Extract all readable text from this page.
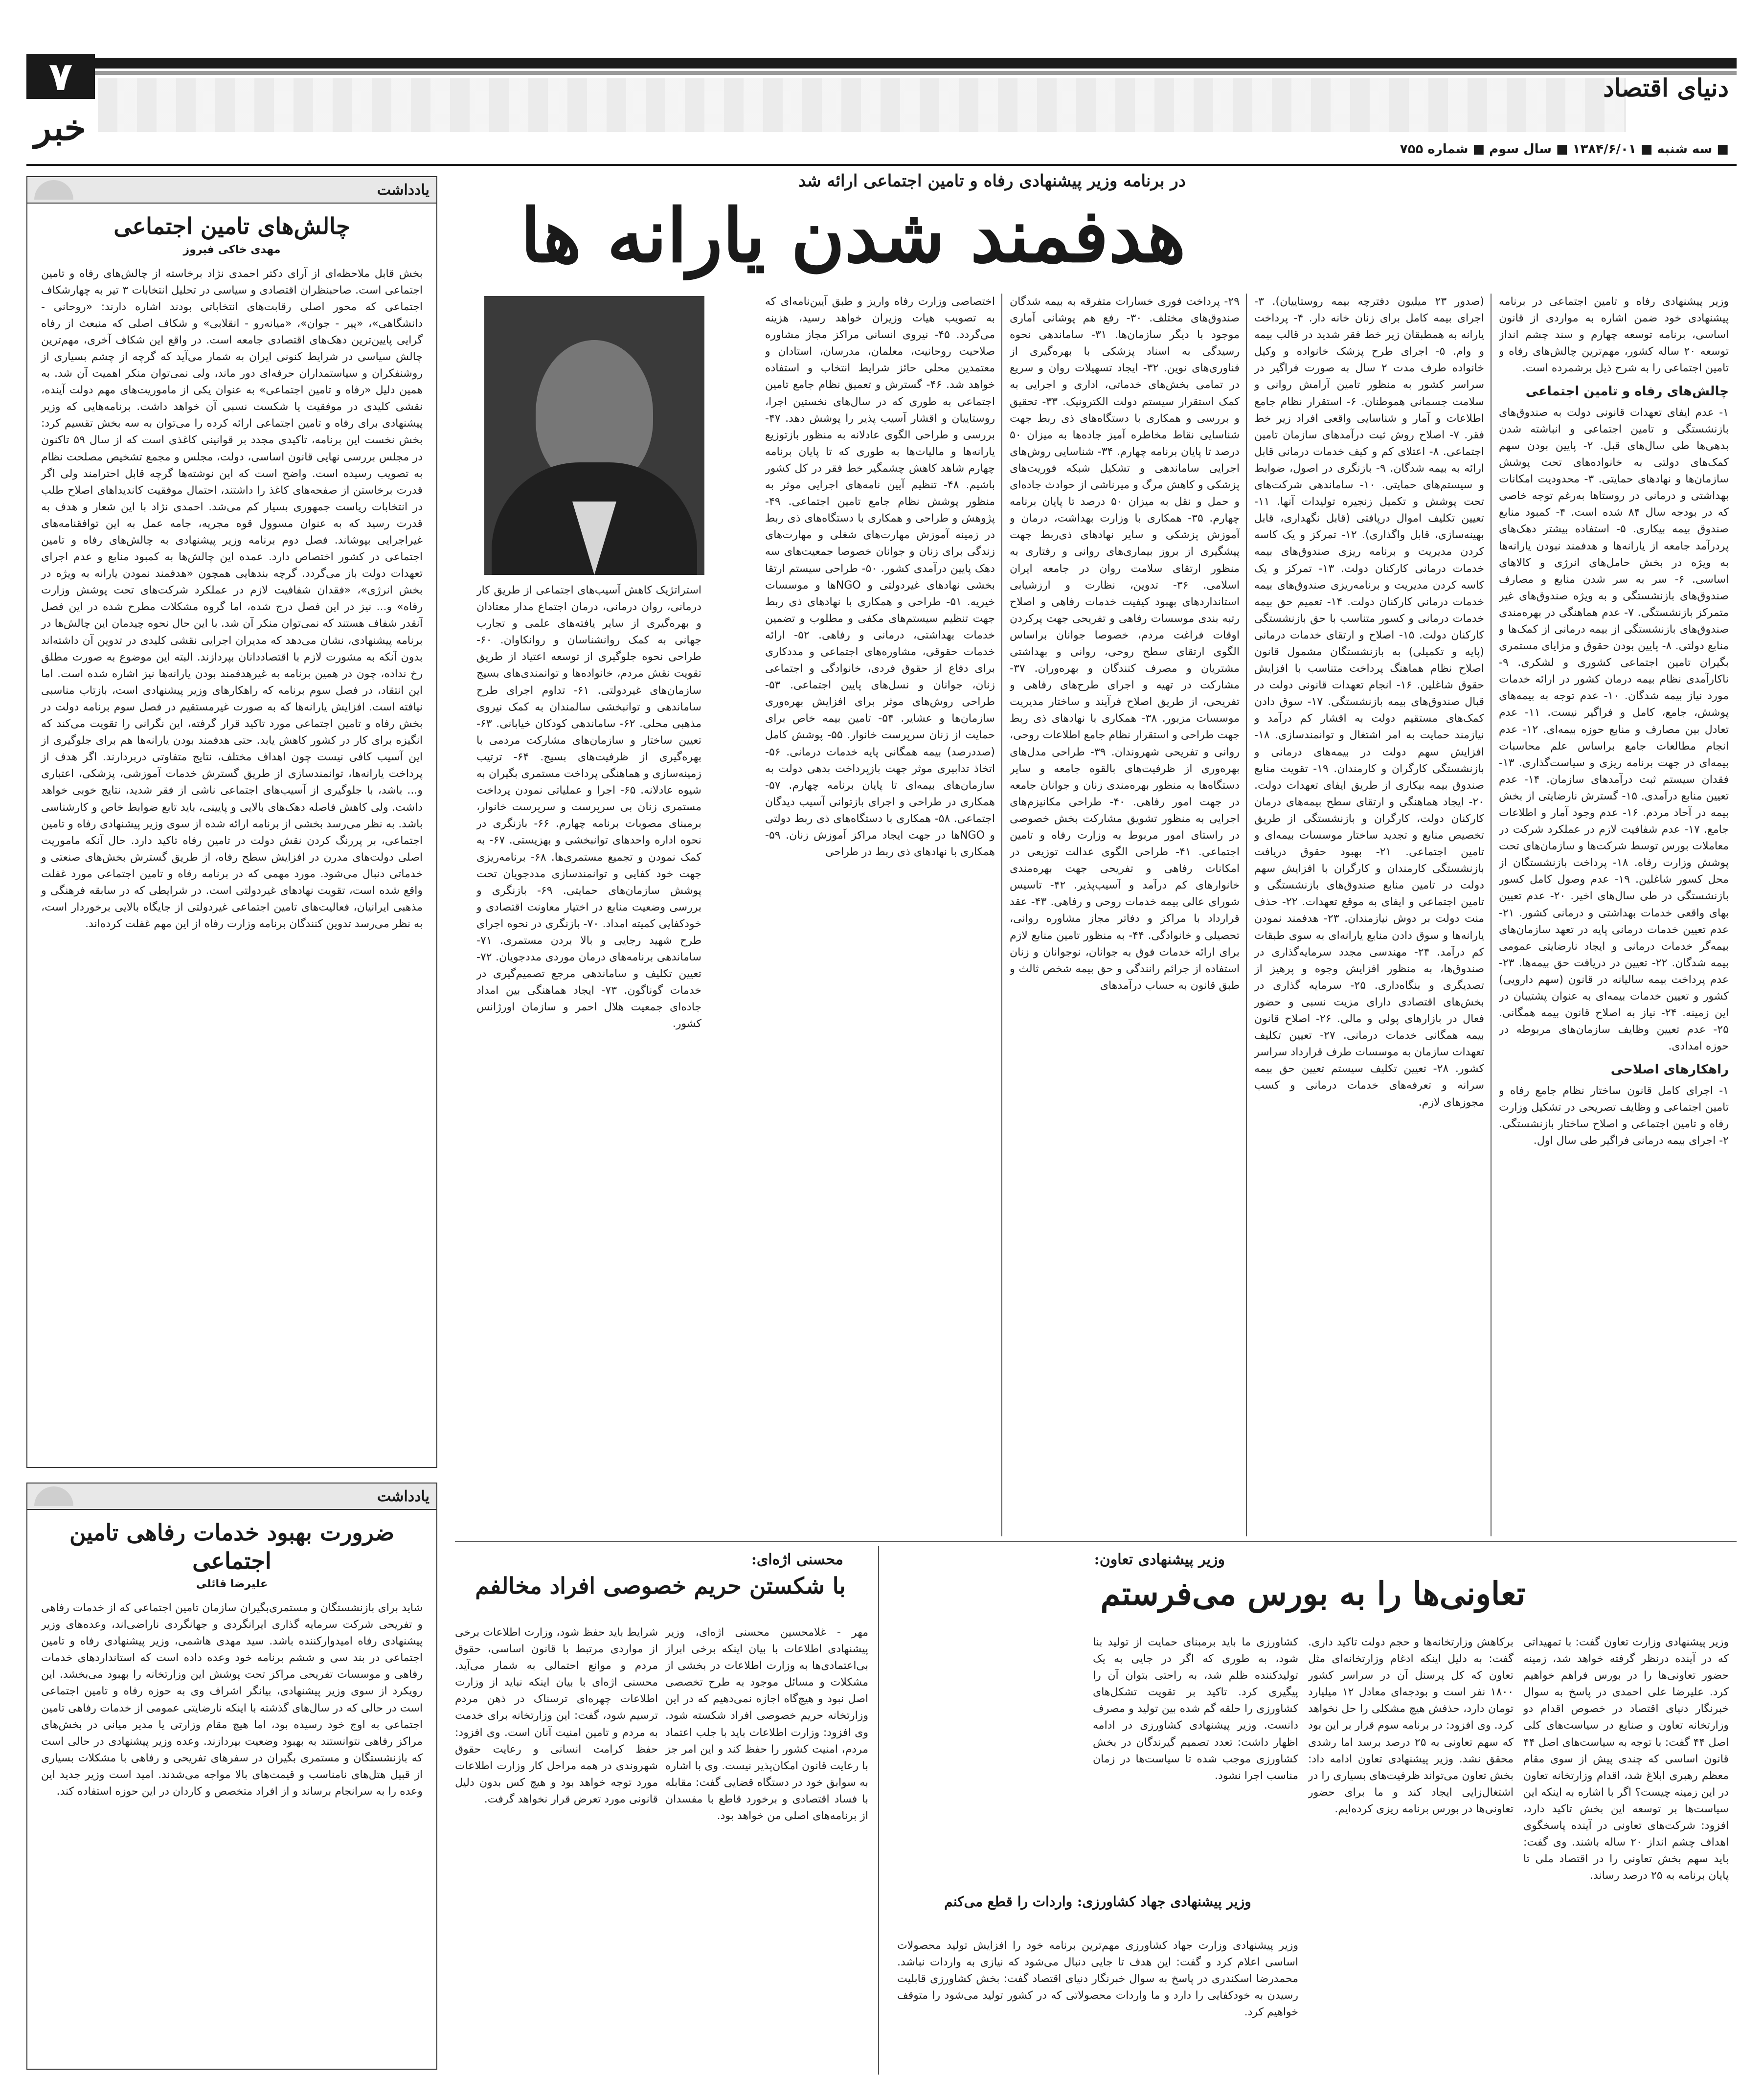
۷	دنیای اقتصاد
خبر
■ سه شنبه ■ ۱۳۸۴/۶/۰۱ ■ سال سوم ■ شماره ۷۵۵
در برنامه وزیر پیشنهادی رفاه و تامین اجتماعی ارائه شد
هدفمند شدن یارانه ها

وزیر پیشنهادی رفاه و تامین اجتماعی در برنامه پیشنهادی خود ضمن اشاره به مواردی از قانون اساسی، برنامه توسعه چهارم و سند چشم انداز توسعه ۲۰ ساله کشور، مهم‌ترین چالش‌های رفاه و تامین اجتماعی را به شرح ذیل برشمرده است.

چالش‌های رفاه و تامین اجتماعی

۱- عدم ایفای تعهدات قانونی دولت به صندوق‌های بازنشستگی و تامین اجتماعی و انباشته شدن بدهی‌ها طی سال‌های قبل. ۲- پایین بودن سهم کمک‌های دولتی به خانواده‌های تحت پوشش سازمان‌ها و نهادهای حمایتی. ۳- محدودیت امکانات بهداشتی و درمانی در روستاها به‌رغم توجه خاصی که در بودجه سال ۸۴ شده است. ۴- کمبود منابع صندوق بیمه بیکاری. ۵- استفاده بیشتر دهک‌های پردرآمد جامعه از یارانه‌ها و هدفمند نبودن یارانه‌ها به ویژه در بخش حامل‌های انرژی و کالاهای اساسی. ۶- سر به سر شدن منابع و مصارف صندوق‌های بازنشستگی و به ویژه صندوق‌های غیر متمرکز بازنشستگی. ۷- عدم هماهنگی در بهره‌مندی صندوق‌های بازنشستگی از بیمه درمانی از کمک‌ها و منابع دولتی. ۸- پایین بودن حقوق و مزایای مستمری بگیران تامین اجتماعی کشوری و لشکری. ۹- ناکارآمدی نظام بیمه درمان کشور در ارائه خدمات مورد نیاز بیمه شدگان. ۱۰- عدم توجه به بیمه‌های پوشش، جامع، کامل و فراگیر نیست. ۱۱- عدم تعادل بین مصارف و منابع حوزه بیمه‌ای. ۱۲- عدم انجام مطالعات جامع براساس علم محاسبات بیمه‌ای در جهت برنامه ریزی و سیاست‌گذاری. ۱۳- فقدان سیستم ثبت درآمدهای سازمان. ۱۴- عدم تعیین منابع درآمدی. ۱۵- گسترش نارضایتی از بخش بیمه در آحاد مردم. ۱۶- عدم وجود آمار و اطلاعات جامع. ۱۷- عدم شفافیت لازم در عملکرد شرکت در معاملات بورس توسط شرکت‌ها و سازمان‌های تحت پوشش وزارت رفاه. ۱۸- پرداخت بازنشستگان از محل کسور شاغلین. ۱۹- عدم وصول کامل کسور بازنشستگی در طی سال‌های اخیر. ۲۰- عدم تعیین بهای واقعی خدمات بهداشتی و درمانی کشور. ۲۱- عدم تعیین خدمات درمانی پایه در تعهد سازمان‌های بیمه‌گر خدمات درمانی و ایجاد نارضایتی عمومی بیمه شدگان. ۲۲- تعیین در دریافت حق بیمه‌ها. ۲۳- عدم پرداخت بیمه سالیانه در قانون (سهم دارویی) کشور و تعیین خدمات بیمه‌ای به عنوان پشتیبان در این زمینه. ۲۴- نیاز به اصلاح قانون بیمه همگانی. ۲۵- عدم تعیین وظایف سازمان‌های مربوطه در حوزه امدادی.

راهکارهای اصلاحی

۱- اجرای کامل قانون ساختار نظام جامع رفاه و تامین اجتماعی و وظایف تصریحی در تشکیل وزارت رفاه و تامین اجتماعی و اصلاح ساختار بازنشستگی. ۲- اجرای بیمه درمانی فراگیر طی سال اول.

(صدور ۲۳ میلیون دفترچه بیمه روستاییان). ۳- اجرای بیمه کامل برای زنان خانه دار. ۴- پرداخت یارانه به همطبقان زیر خط فقر شدید در قالب بیمه و وام. ۵- اجرای طرح پزشک خانواده و وکیل خانواده طرف مدت ۲ سال به صورت فراگیر در سراسر کشور به منظور تامین آرامش روانی و سلامت جسمانی هموطنان. ۶- استقرار نظام جامع اطلاعات و آمار و شناسایی واقعی افراد زیر خط فقر. ۷- اصلاح روش ثبت درآمدهای سازمان تامین اجتماعی. ۸- اعتلای کم و کیف خدمات درمانی قابل ارائه به بیمه شدگان. ۹- بازنگری در اصول، ضوابط و سیستم‌های حمایتی. ۱۰- ساماندهی شرکت‌های تحت پوشش و تکمیل زنجیره تولیدات آنها. ۱۱- تعیین تکلیف اموال درپافتی (قابل نگهداری، قابل بهینه‌سازی، قابل واگذاری). ۱۲- تمرکز و یک کاسه کردن مدیریت و برنامه ریزی صندوق‌های بیمه خدمات درمانی کارکنان دولت. ۱۳- تمرکز و یک کاسه کردن مدیریت و برنامه‌ریزی صندوق‌های بیمه خدمات درمانی کارکنان دولت. ۱۴- تعمیم حق بیمه خدمات درمانی و کسور متناسب با حق بازنشستگی کارکنان دولت. ۱۵- اصلاح و ارتقای خدمات درمانی (پایه و تکمیلی) به بازنشستگان مشمول قانون اصلاح نظام هماهنگ پرداخت متناسب با افزایش حقوق شاغلین. ۱۶- انجام تعهدات قانونی دولت در قبال صندوق‌های بیمه بازنشستگی. ۱۷- سوق دادن کمک‌های مستقیم دولت به اقشار کم درآمد و نیازمند حمایت به امر اشتغال و توانمندسازی. ۱۸- افزایش سهم دولت در بیمه‌های درمانی و بازنشستگی کارگران و کارمندان. ۱۹- تقویت منابع صندوق بیمه بیکاری از طریق ایفای تعهدات دولت. ۲۰- ایجاد هماهنگی و ارتقای سطح بیمه‌های درمان کارکنان دولت، کارگران و بازنشستگی از طریق تخصیص منابع و تجدید ساختار موسسات بیمه‌ای و تامین اجتماعی. ۲۱- بهبود حقوق دریافت بازنشستگی کارمندان و کارگران با افزایش سهم دولت در تامین منابع صندوق‌های بازنشستگی و تامین اجتماعی و ایفای به موقع تعهدات. ۲۲- حذف منت دولت بر دوش نیازمندان. ۲۳- هدفمند نمودن یارانه‌ها و سوق دادن منابع یارانه‌ای به سوی طبقات کم درآمد. ۲۴- مهندسی مجدد سرمایه‌گذاری در صندوق‌ها، به منظور افزایش وجوه و پرهیز از تصدیگری و بنگاه‌داری. ۲۵- سرمایه گذاری در بخش‌های اقتصادی دارای مزیت نسبی و حضور فعال در بازارهای پولی و مالی. ۲۶- اصلاح قانون بیمه همگانی خدمات درمانی. ۲۷- تعیین تکلیف تعهدات سازمان به موسسات طرف قرارداد سراسر کشور. ۲۸- تعیین تکلیف سیستم تعیین حق بیمه سرانه و تعرفه‌های خدمات درمانی و کسب مجوزهای لازم.

۲۹- پرداخت فوری خسارات متفرقه به بیمه شدگان صندوق‌های مختلف. ۳۰- رفع هم پوشانی آماری موجود با دیگر سازمان‌ها. ۳۱- ساماندهی نحوه رسیدگی به اسناد پزشکی با بهره‌گیری از فناوری‌های نوین. ۳۲- ایجاد تسهیلات روان و سریع در تمامی بخش‌های خدماتی، اداری و اجرایی به کمک استقرار سیستم دولت الکترونیک. ۳۳- تحقیق و بررسی و همکاری با دستگاه‌های ذی ربط جهت شناسایی نقاط مخاطره آمیز جاده‌ها به میزان ۵۰ درصد تا پایان برنامه چهارم. ۳۴- شناسایی روش‌های اجرایی ساماندهی و تشکیل شبکه فوریت‌های پزشکی و کاهش مرگ و میرناشی از حوادث جاده‌ای و حمل و نقل به میزان ۵۰ درصد تا پایان برنامه چهارم. ۳۵- همکاری با وزارت بهداشت، درمان و آموزش پزشکی و سایر نهادهای ذی‌ربط جهت پیشگیری از بروز بیماری‌های روانی و رفتاری به منظور ارتقای سلامت روان در جامعه ایران اسلامی. ۳۶- تدوین، نظارت و ارزشیابی استانداردهای بهبود کیفیت خدمات رفاهی و اصلاح رتبه بندی موسسات رفاهی و تفریحی جهت پرکردن اوقات فراغت مردم، خصوصا جوانان براساس الگوی ارتقای سطح روحی، روانی و بهداشتی مشتریان و مصرف کنندگان و بهره‌وران. ۳۷- مشارکت در تهیه و اجرای طرح‌های رفاهی و تفریحی، از طریق اصلاح فرآیند و ساختار مدیریت موسسات مزبور. ۳۸- همکاری با نهادهای ذی ربط جهت طراحی و استقرار نظام جامع اطلاعات روحی، روانی و تفریحی شهروندان. ۳۹- طراحی مدل‌های بهره‌وری از ظرفیت‌های بالقوه جامعه و سایر دستگاه‌ها به منظور بهره‌مندی زنان و جوانان جامعه در جهت امور رفاهی. ۴۰- طراحی مکانیزم‌های اجرایی به منظور تشویق مشارکت بخش خصوصی در راستای امور مربوط به وزارت رفاه و تامین اجتماعی. ۴۱- طراحی الگوی عدالت توزیعی در امکانات رفاهی و تفریحی جهت بهره‌مندی خانوارهای کم درآمد و آسیب‌پذیر. ۴۲- تاسیس شورای عالی بیمه خدمات روحی و رفاهی. ۴۳- عقد قرارداد با مراکز و دفاتر مجاز مشاوره روانی، تحصیلی و خانوادگی. ۴۴- به منظور تامین منابع لازم برای ارائه خدمات فوق به جوانان، نوجوانان و زنان استفاده از جرائم رانندگی و حق بیمه شخص ثالث و طبق قانون به حساب درآمدهای

اختصاصی وزارت رفاه واریز و طبق آیین‌نامه‌ای که به تصویب هیات وزیران خواهد رسید، هزینه می‌گردد. ۴۵- نیروی انسانی مراکز مجاز مشاوره صلاحیت روحانیت، معلمان، مدرسان، استادان و معتمدین محلی حائز شرایط انتخاب و استفاده خواهد شد. ۴۶- گسترش و تعمیق نظام جامع تامین اجتماعی به طوری که در سال‌های نخستین اجرا، روستاییان و اقشار آسیب پذیر را پوشش دهد. ۴۷- بررسی و طراحی الگوی عادلانه به منظور بازتوزیع یارانه‌ها و مالیات‌ها به طوری که تا پایان برنامه چهارم شاهد کاهش چشمگیر خط فقر در کل کشور باشیم. ۴۸- تنظیم آیین نامه‌های اجرایی موثر به منظور پوشش نظام جامع تامین اجتماعی. ۴۹- پژوهش و طراحی و همکاری با دستگاه‌های ذی ربط در زمینه آموزش مهارت‌های شغلی و مهارت‌های زندگی برای زنان و جوانان خصوصا جمعیت‌های سه دهک پایین درآمدی کشور. ۵۰- طراحی سیستم ارتقا بخشی نهادهای غیردولتی و NGOها و موسسات خیریه. ۵۱- طراحی و همکاری با نهادهای ذی ربط جهت تنظیم سیستم‌های مکفی و مطلوب و تضمین خدمات بهداشتی، درمانی و رفاهی. ۵۲- ارائه خدمات حقوقی، مشاوره‌های اجتماعی و مددکاری برای دفاع از حقوق فردی، خانوادگی و اجتماعی زنان، جوانان و نسل‌های پایین اجتماعی. ۵۳- طراحی روش‌های موثر برای افزایش بهره‌وری سازمان‌ها و عشایر. ۵۴- تامین بیمه خاص برای حمایت از زنان سرپرست خانوار. ۵۵- پوشش کامل (صددرصد) بیمه همگانی پایه خدمات درمانی. ۵۶- اتخاذ تدابیری موثر جهت بازپرداخت بدهی دولت به سازمان‌های بیمه‌ای تا پایان برنامه چهارم. ۵۷- همکاری در طراحی و اجرای بازتوانی آسیب دیدگان اجتماعی. ۵۸- همکاری با دستگاه‌های ذی ربط دولتی و NGOها در جهت ایجاد مراکز آموزش زنان. ۵۹- همکاری با نهادهای ذی ربط در طراحی

استراتژیک کاهش آسیب‌های اجتماعی از طریق کار درمانی، روان درمانی، درمان اجتماع مدار معتادان و بهره‌گیری از سایر یافته‌های علمی و تجارب جهانی به کمک روانشناسان و روانکاوان. ۶۰- طراحی نحوه جلوگیری از توسعه اعتیاد از طریق تقویت نقش مردم، خانواده‌ها و توانمندی‌های بسیج سازمان‌های غیردولتی. ۶۱- تداوم اجرای طرح ساماندهی و توانبخشی سالمندان به کمک نیروی مذهبی محلی. ۶۲- ساماندهی کودکان خیابانی. ۶۳- تعیین ساختار و سازمان‌های مشارکت مردمی با بهره‌گیری از ظرفیت‌های بسیج. ۶۴- ترتیب زمینه‌سازی و هماهنگی پرداخت مستمری بگیران به شیوه عادلانه. ۶۵- اجرا و عملیاتی نمودن پرداخت مستمری زنان بی سرپرست و سرپرست خانوار، برمبنای مصوبات برنامه چهارم. ۶۶- بازنگری در نحوه اداره واحدهای توانبخشی و بهزیستی. ۶۷- به کمک نمودن و تجمیع مستمری‌ها. ۶۸- برنامه‌ریزی جهت خود کفایی و توانمندسازی مددجویان تحت پوشش سازمان‌های حمایتی. ۶۹- بازنگری و بررسی وضعیت منابع در اختیار معاونت اقتصادی و خودکفایی کمیته امداد. ۷۰- بازنگری در نحوه اجرای طرح شهید رجایی و بالا بردن مستمری. ۷۱- ساماندهی برنامه‌های درمان موردی مددجویان. ۷۲- تعیین تکلیف و ساماندهی مرجع تصمیم‌گیری در خدمات گوناگون. ۷۳- ایجاد هماهنگی بین امداد جاده‌ای جمعیت هلال احمر و سازمان اورژانس کشور.

یادداشت
چالش‌های تامین اجتماعی
مهدی خاکی فیروز

بخش قابل ملاحظه‌ای از آرای دکتر احمدی نژاد برخاسته از چالش‌های رفاه و تامین اجتماعی است. صاحبنظران اقتصادی و سیاسی در تحلیل انتخابات ۳ تیر به چهارشکاف اجتماعی که محور اصلی رقابت‌های انتخاباتی بودند اشاره دارند: «روحانی - دانشگاهی»، «پیر - جوان»، «میانه‌رو - انقلابی» و شکاف اصلی که منبعث از رفاه گرایی پایین‌ترین دهک‌های اقتصادی جامعه است. در واقع این شکاف آخری، مهم‌ترین چالش سیاسی در شرایط کنونی ایران به شمار می‌آید که گرچه از چشم بسیاری از روشنفکران و سیاستمداران حرفه‌ای دور ماند، ولی نمی‌توان منکر اهمیت آن شد. به همین دلیل «رفاه و تامین اجتماعی» به عنوان یکی از ماموریت‌های مهم دولت آینده، نقشی کلیدی در موفقیت یا شکست نسبی آن خواهد داشت. برنامه‌هایی که وزیر پیشنهادی برای رفاه و تامین اجتماعی ارائه کرده را می‌توان به سه بخش تقسیم کرد: بخش نخست این برنامه، تاکیدی مجدد بر قوانینی کاغذی است که از سال ۵۹ تاکنون در مجلس بررسی نهایی قانون اساسی، دولت، مجلس و مجمع تشخیص مصلحت نظام به تصویب رسیده است. واضح است که این نوشته‌ها گرچه قابل احترامند ولی اگر قدرت برخاستن از صفحه‌های کاغذ را داشتند، احتمال موفقیت کاندیداهای اصلاح طلب در انتخابات ریاست جمهوری بسیار کم می‌شد. احمدی نژاد با این شعار و هدف به قدرت رسید که به عنوان مسوول قوه مجریه، جامه عمل به این توافقنامه‌های غیراجرایی بپوشاند. فصل دوم برنامه وزیر پیشنهادی به چالش‌های رفاه و تامین اجتماعی در کشور اختصاص دارد. عمده این چالش‌ها به کمبود منابع و عدم اجرای تعهدات دولت باز می‌گردد. گرچه بندهایی همچون «هدفمند نمودن یارانه به ویژه در بخش انرژی»، «فقدان شفافیت لازم در عملکرد شرکت‌های تحت پوشش وزارت رفاه» و... نیز در این فصل درج شده، اما گروه مشکلات مطرح شده در این فصل آنقدر شفاف هستند که نمی‌توان منکر آن شد. با این حال نحوه چیدمان این چالش‌ها در برنامه پیشنهادی، نشان می‌دهد که مدیران اجرایی نقشی کلیدی در تدوین آن داشته‌اند بدون آنکه به مشورت لازم با اقتصاددانان بپردازند. البته این موضوع به صورت مطلق رخ نداده، چون در همین برنامه به غیرهدفمند بودن یارانه‌ها نیز اشاره شده است. اما این انتقاد، در فصل سوم برنامه که راهکارهای وزیر پیشنهادی است، بازتاب مناسبی نیافته است. افزایش یارانه‌ها که به صورت غیرمستقیم در فصل سوم برنامه دولت در بخش رفاه و تامین اجتماعی مورد تاکید قرار گرفته، این نگرانی را تقویت می‌کند که انگیزه برای کار در کشور کاهش یابد. حتی هدفمند بودن یارانه‌ها هم برای جلوگیری از این آسیب کافی نیست چون اهداف مختلف، نتایج متفاوتی دربردارند. اگر هدف از پرداخت یارانه‌ها، توانمندسازی از طریق گسترش خدمات آموزشی، پزشکی، اعتباری و... باشد، با جلوگیری از آسیب‌های اجتماعی ناشی از فقر شدید، نتایج خوبی خواهد داشت. ولی کاهش فاصله دهک‌های بالایی و پایینی، باید تابع ضوابط خاص و کارشناسی باشد. به نظر می‌رسد بخشی از برنامه ارائه شده از سوی وزیر پیشنهادی رفاه و تامین اجتماعی، بر پررنگ کردن نقش دولت در تامین رفاه تاکید دارد. حال آنکه ماموریت اصلی دولت‌های مدرن در افزایش سطح رفاه، از طریق گسترش بخش‌های صنعتی و خدماتی دنبال می‌شود. مورد مهمی که در برنامه رفاه و تامین اجتماعی مورد غفلت واقع شده است، تقویت نهادهای غیردولتی است. در شرایطی که در سابقه فرهنگی و مذهبی ایرانیان، فعالیت‌های تامین اجتماعی غیردولتی از جایگاه بالایی برخوردار است، به نظر می‌رسد تدوین کنندگان برنامه وزارت رفاه از این مهم غفلت کرده‌اند.

یادداشت
ضرورت بهبود خدمات رفاهی تامین اجتماعی
علیرضا قائلی

شاید برای بازنشستگان و مستمری‌بگیران سازمان تامین اجتماعی که از خدمات رفاهی و تفریحی شرکت سرمایه گذاری ایرانگردی و جهانگردی ناراضی‌اند، وعده‌های وزیر پیشنهادی رفاه امیدوارکننده باشد. سید مهدی هاشمی، وزیر پیشنهادی رفاه و تامین اجتماعی در بند سی و ششم برنامه خود وعده داده است که استانداردهای خدمات رفاهی و موسسات تفریحی مراکز تحت پوشش این وزارتخانه را بهبود می‌بخشد. این رویکرد از سوی وزیر پیشنهادی، بیانگر اشراف وی به حوزه رفاه و تامین اجتماعی است در حالی که در سال‌های گذشته با اینکه نارضایتی عمومی از خدمات رفاهی تامین اجتماعی به اوج خود رسیده بود، اما هیچ مقام وزارتی یا مدیر میانی در بخش‌های مراکز رفاهی نتوانستند به بهبود وضعیت بپردازند. وعده وزیر پیشنهادی در حالی است که بازنشستگان و مستمری بگیران در سفرهای تفریحی و رفاهی با مشکلات بسیاری از قبیل هتل‌های نامناسب و قیمت‌های بالا مواجه می‌شدند. امید است وزیر جدید این وعده را به سرانجام برساند و از افراد متخصص و کاردان در این حوزه استفاده کند.

وزیر پیشنهادی تعاون:
تعاونی‌ها را به بورس می‌فرستم

وزیر پیشنهادی وزارت تعاون گفت: با تمهیداتی که در آینده درنظر گرفته خواهد شد، زمینه حضور تعاونی‌ها را در بورس فراهم خواهیم کرد. علیرضا علی احمدی در پاسخ به سوال خبرنگار دنیای اقتصاد در خصوص اقدام دو وزارتخانه تعاون و صنایع در سیاست‌های کلی اصل ۴۴ گفت: با توجه به سیاست‌های اصل ۴۴ قانون اساسی که چندی پیش از سوی مقام معظم رهبری ابلاغ شد، اقدام وزارتخانه تعاون در این زمینه چیست؟ اگر با اشاره به اینکه این سیاست‌ها بر توسعه این بخش تاکید دارد، افزود: شرکت‌های تعاونی در آینده پاسخگوی اهداف چشم انداز ۲۰ ساله باشند. وی گفت: باید سهم بخش تعاونی را در اقتصاد ملی تا پایان برنامه به ۲۵ درصد رساند.

برکاهش وزارتخانه‌ها و حجم دولت تاکید داری. گفت: به دلیل اینکه ادغام وزارتخانه‌ای مثل تعاون که کل پرسنل آن در سراسر کشور ۱۸۰۰ نفر است و بودجه‌ای معادل ۱۲ میلیارد تومان دارد، حذفش هیچ مشکلی را حل نخواهد کرد. وی افزود: در برنامه سوم قرار بر این بود که سهم تعاونی به ۲۵ درصد برسد اما رشدی محقق نشد. وزیر پیشنهادی تعاون ادامه داد: بخش تعاون می‌تواند ظرفیت‌های بسیاری را در اشتغال‌زایی ایجاد کند و ما برای حضور تعاونی‌ها در بورس برنامه ریزی کرده‌ایم.

کشاورزی ما باید برمبنای حمایت از تولید بنا شود، به طوری که اگر در جایی به یک تولیدکننده ظلم شد، به راحتی بتوان آن را پیگیری کرد. تاکید بر تقویت تشکل‌های کشاورزی را حلقه گم شده بین تولید و مصرف دانست. وزیر پیشنهادی کشاورزی در ادامه اظهار داشت: تعدد تصمیم گیرندگان در بخش کشاورزی موجب شده تا سیاست‌ها در زمان مناسب اجرا نشود.

وزیر پیشنهادی جهاد کشاورزی: واردات را قطع می‌کنم

وزیر پیشنهادی وزارت جهاد کشاورزی مهم‌ترین برنامه خود را افزایش تولید محصولات اساسی اعلام کرد و گفت: این هدف تا جایی دنبال می‌شود که نیازی به واردات نباشد. محمدرضا اسکندری در پاسخ به سوال خبرنگار دنیای اقتصاد گفت: بخش کشاورزی قابلیت رسیدن به خودکفایی را دارد و ما واردات محصولاتی که در کشور تولید می‌شود را متوقف خواهیم کرد.

محسنی اژه‌ای:
با شکستن حریم خصوصی افراد مخالفم

مهر - غلامحسین محسنی اژه‌ای، وزیر پیشنهادی اطلاعات با بیان اینکه برخی ابراز بی‌اعتمادی‌ها به وزارت اطلاعات در بخشی از مشکلات و مسائل موجود به طرح تخصصی اصل نبود و هیچ‌گاه اجازه نمی‌دهیم که در این وزارتخانه حریم خصوصی افراد شکسته شود. وی افزود: وزارت اطلاعات باید با جلب اعتماد مردم، امنیت کشور را حفظ کند و این امر جز با رعایت قانون امکان‌پذیر نیست. وی با اشاره به سوابق خود در دستگاه قضایی گفت: مقابله با فساد اقتصادی و برخورد قاطع با مفسدان از برنامه‌های اصلی من خواهد بود.

شرایط باید حفظ شود، وزارت اطلاعات برخی از مواردی مرتبط با قانون اساسی، حقوق مردم و موانع احتمالی به شمار می‌آید. محسنی اژه‌ای با بیان اینکه نباید از وزارت اطلاعات چهره‌ای ترسناک در ذهن مردم ترسیم شود، گفت: این وزارتخانه برای خدمت به مردم و تامین امنیت آنان است. وی افزود: حفظ کرامت انسانی و رعایت حقوق شهروندی در همه مراحل کار وزارت اطلاعات مورد توجه خواهد بود و هیچ کس بدون دلیل قانونی مورد تعرض قرار نخواهد گرفت.
